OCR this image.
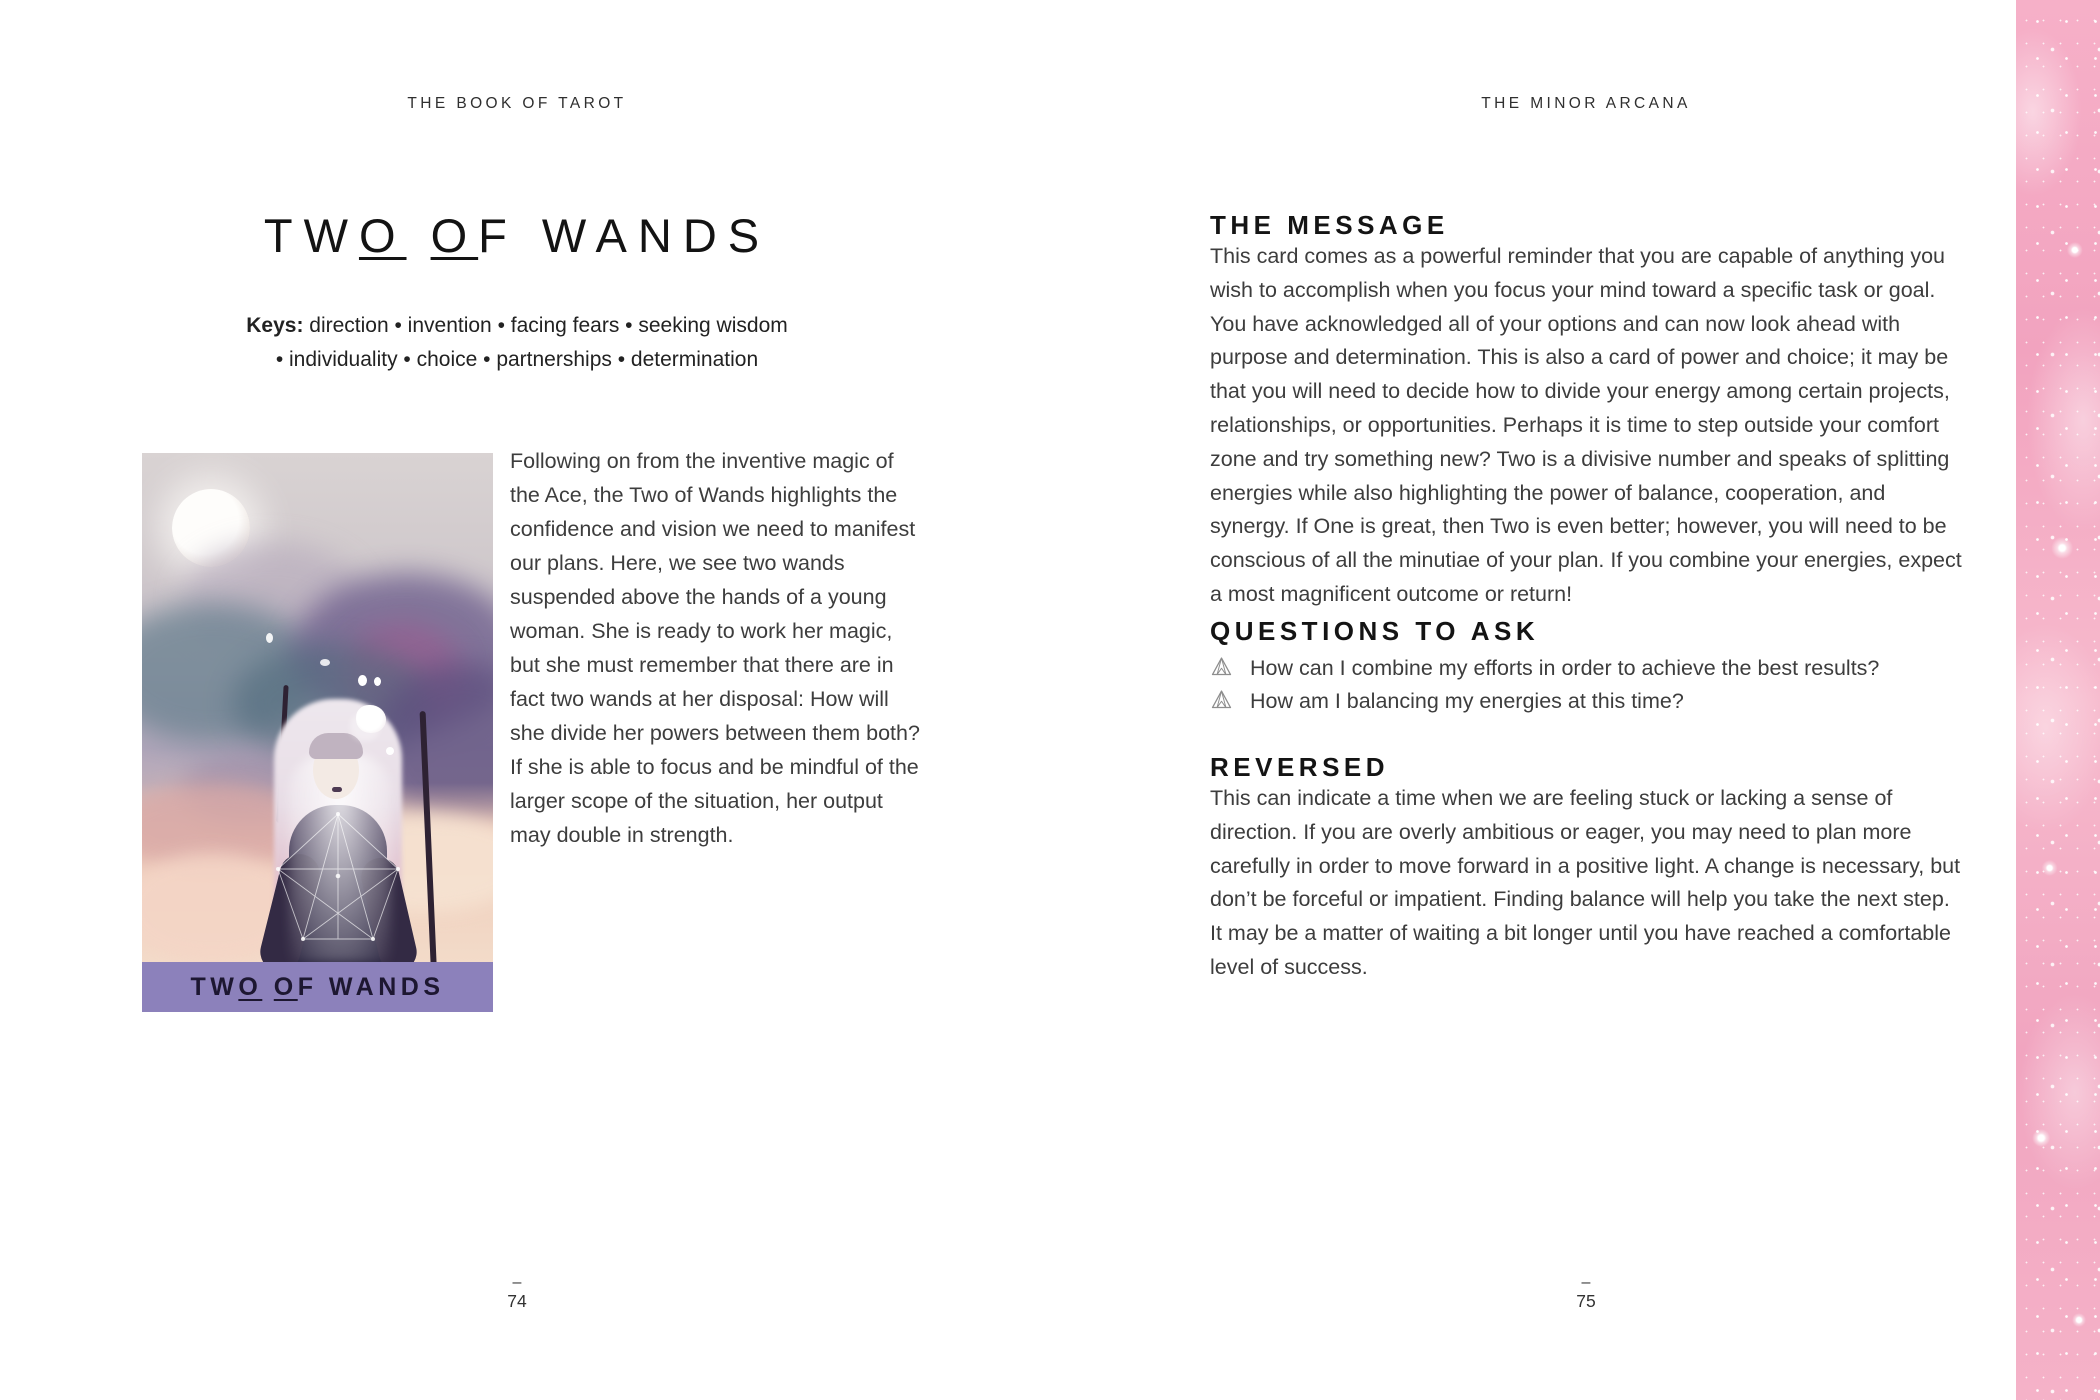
THE BOOK OF TAROT
TWO OF WANDS
Keys: direction • invention • facing fears • seeking wisdom
• individuality • choice • partnerships • determination
TWO OF WANDS
Following on from the inventive magic of the Ace, the Two of Wands highlights the confidence and vision we need to manifest our plans. Here, we see two wands suspended above the hands of a young woman. She is ready to work her magic, but she must remember that there are in fact two wands at her disposal: How will she divide her powers between them both? If she is able to focus and be mindful of the larger scope of the situation, her output may double in strength.
–
74
THE MINOR ARCANA
THE MESSAGE

This card comes as a powerful reminder that you are capable of anything you wish to accomplish when you focus your mind toward a specific task or goal. You have acknowledged all of your options and can now look ahead with purpose and determination. This is also a card of power and choice; it may be that you will need to decide how to divide your energy among certain projects, relationships, or opportunities. Perhaps it is time to step outside your comfort zone and try something new? Two is a divisive number and speaks of splitting energies while also highlighting the power of balance, cooperation, and synergy. If One is great, then Two is even better; however, you will need to be conscious of all the minutiae of your plan. If you combine your energies, expect a most magnificent outcome or return!

QUESTIONS TO ASK
How can I combine my efforts in order to achieve the best results?
How am I balancing my energies at this time?
REVERSED

This can indicate a time when we are feeling stuck or lacking a sense of direction. If you are overly ambitious or eager, you may need to plan more carefully in order to move forward in a positive light. A change is necessary, but don’t be forceful or impatient. Finding balance will help you take the next step. It may be a matter of waiting a bit longer until you have reached a comfortable level of success.

–
75
